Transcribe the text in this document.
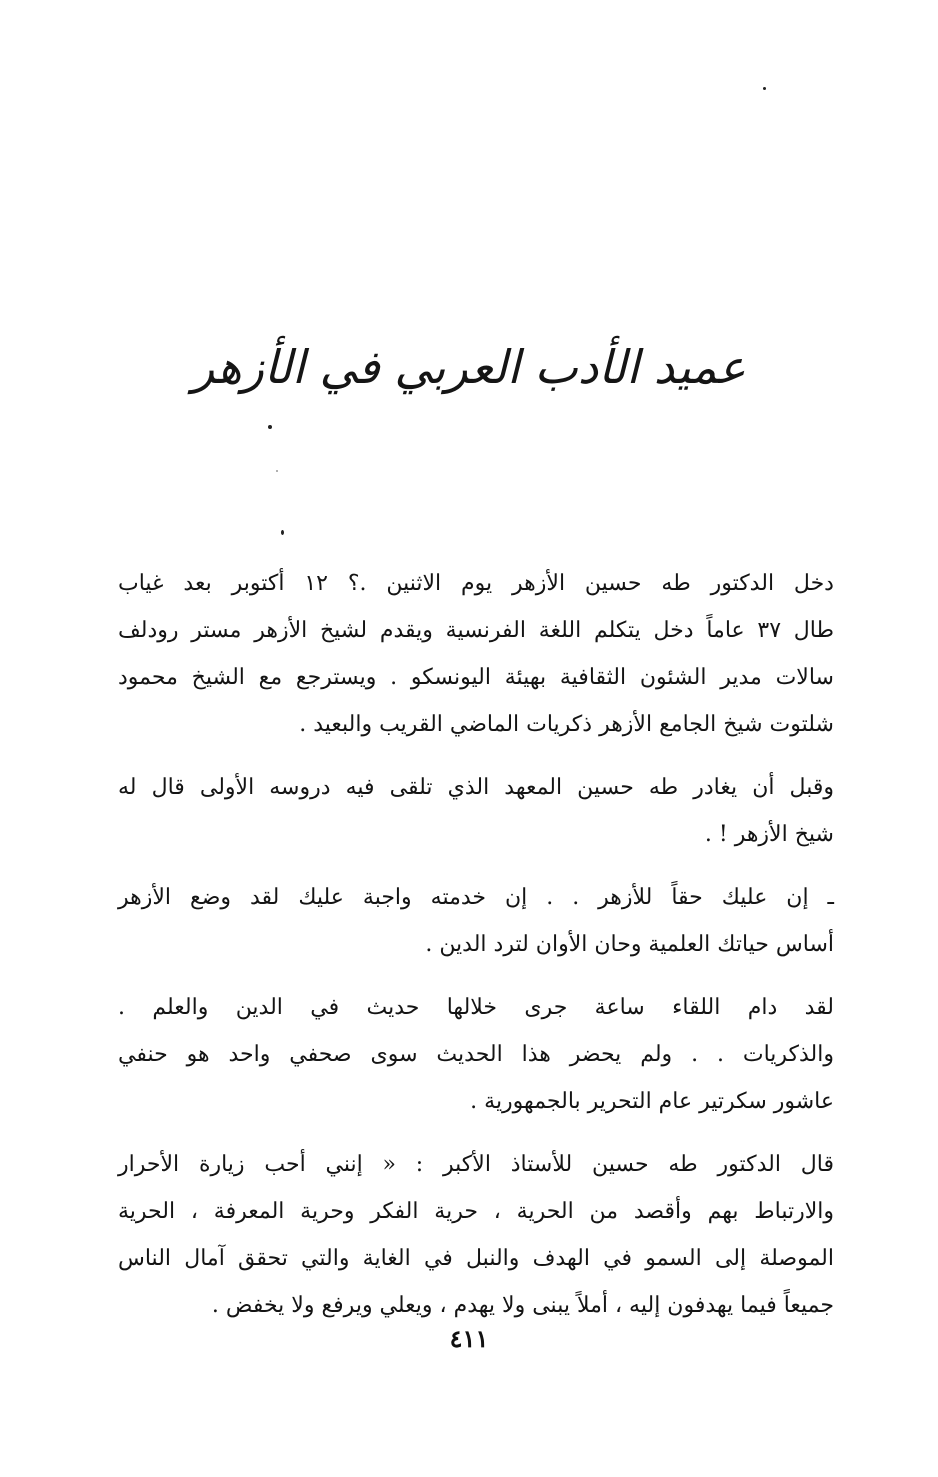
عميد الأدب العربي في الأزهر

دخل الدكتور طه حسين الأزهر يوم الاثنين .؟ ١٢ أكتوبر بعد غياب
طال ٣٧ عاماً دخل يتكلم اللغة الفرنسية ويقدم لشيخ الأزهر مستر رودلف
سالات مدير الشئون الثقافية بهيئة اليونسكو . ويسترجع مع الشيخ محمود
شلتوت شيخ الجامع الأزهر ذكريات الماضي القريب والبعيد .

وقبل أن يغادر طه حسين المعهد الذي تلقى فيه دروسه الأولى قال له
شيخ الأزهر ! .

ـ إن عليك حقاً للأزهر . . إن خدمته واجبة عليك لقد وضع الأزهر
أساس حياتك العلمية وحان الأوان لترد الدين .

لقد دام اللقاء ساعة جرى خلالها حديث في الدين والعلم .
والذكريات . . ولم يحضر هذا الحديث سوى صحفي واحد هو حنفي
عاشور سكرتير عام التحرير بالجمهورية .

قال الدكتور طه حسين للأستاذ الأكبر : « إنني أحب زيارة الأحرار
والارتباط بهم وأقصد من الحرية ، حرية الفكر وحرية المعرفة ، الحرية
الموصلة إلى السمو في الهدف والنبل في الغاية والتي تحقق آمال الناس
جميعاً فيما يهدفون إليه ، أملاً يبنى ولا يهدم ، ويعلي ويرفع ولا يخفض .

٤١١
